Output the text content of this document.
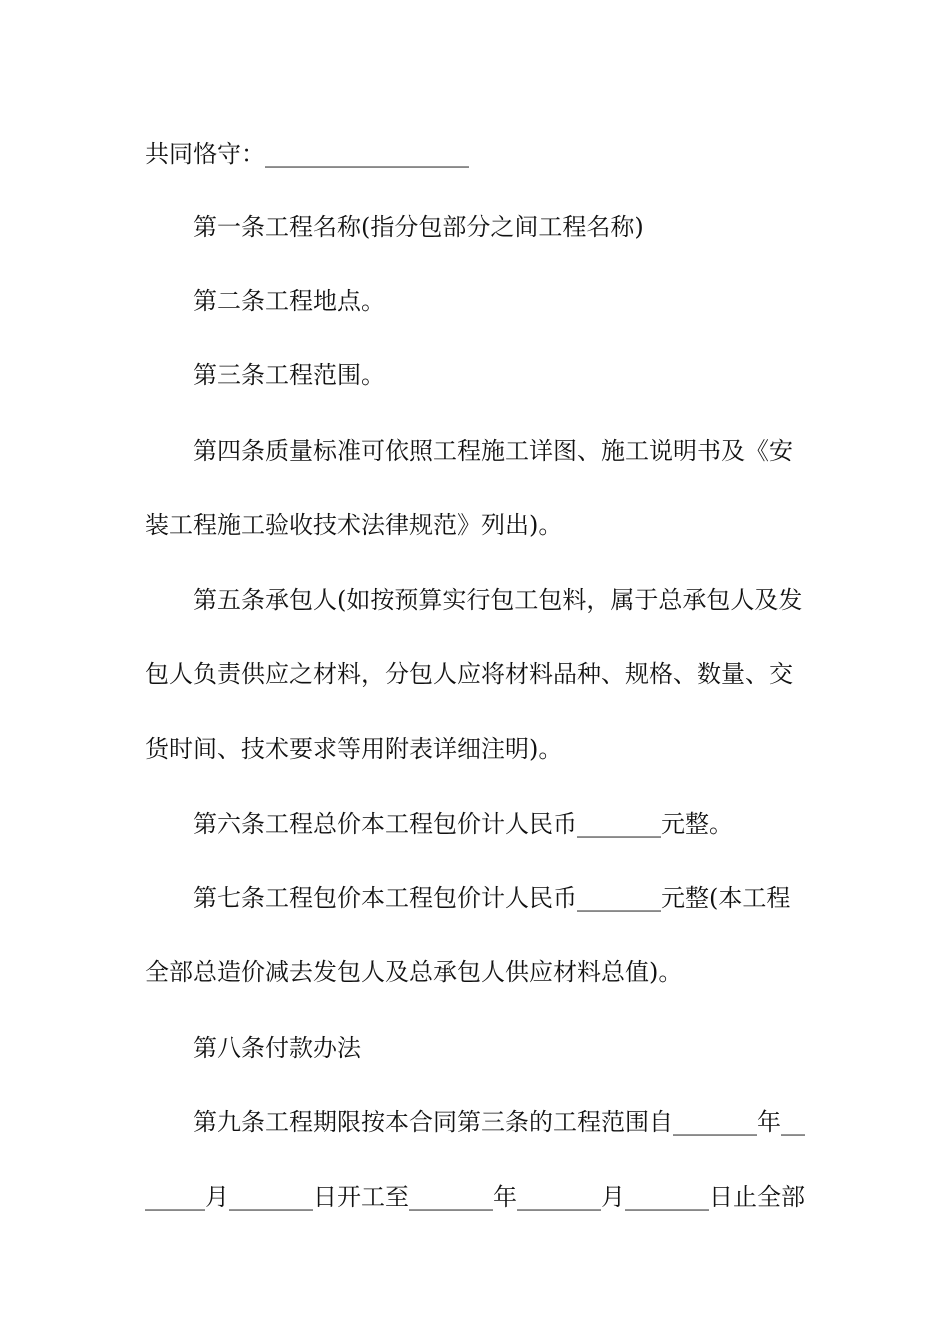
共同恪守：_________________
第一条工程名称(指分包部分之间工程名称)
第二条工程地点。
第三条工程范围。
第四条质量标准可依照工程施工详图、施工说明书及《安
装工程施工验收技术法律规范》列出)。
第五条承包人(如按预算实行包工包料，属于总承包人及发
包人负责供应之材料，分包人应将材料品种、规格、数量、交
货时间、技术要求等用附表详细注明)。
第六条工程总价本工程包价计人民币_______元整。
第七条工程包价本工程包价计人民币_______元整(本工程
全部总造价减去发包人及总承包人供应材料总值)。
第八条付款办法
第九条工程期限按本合同第三条的工程范围自_______年__
_____月_______日开工至_______年_______月_______日止全部
